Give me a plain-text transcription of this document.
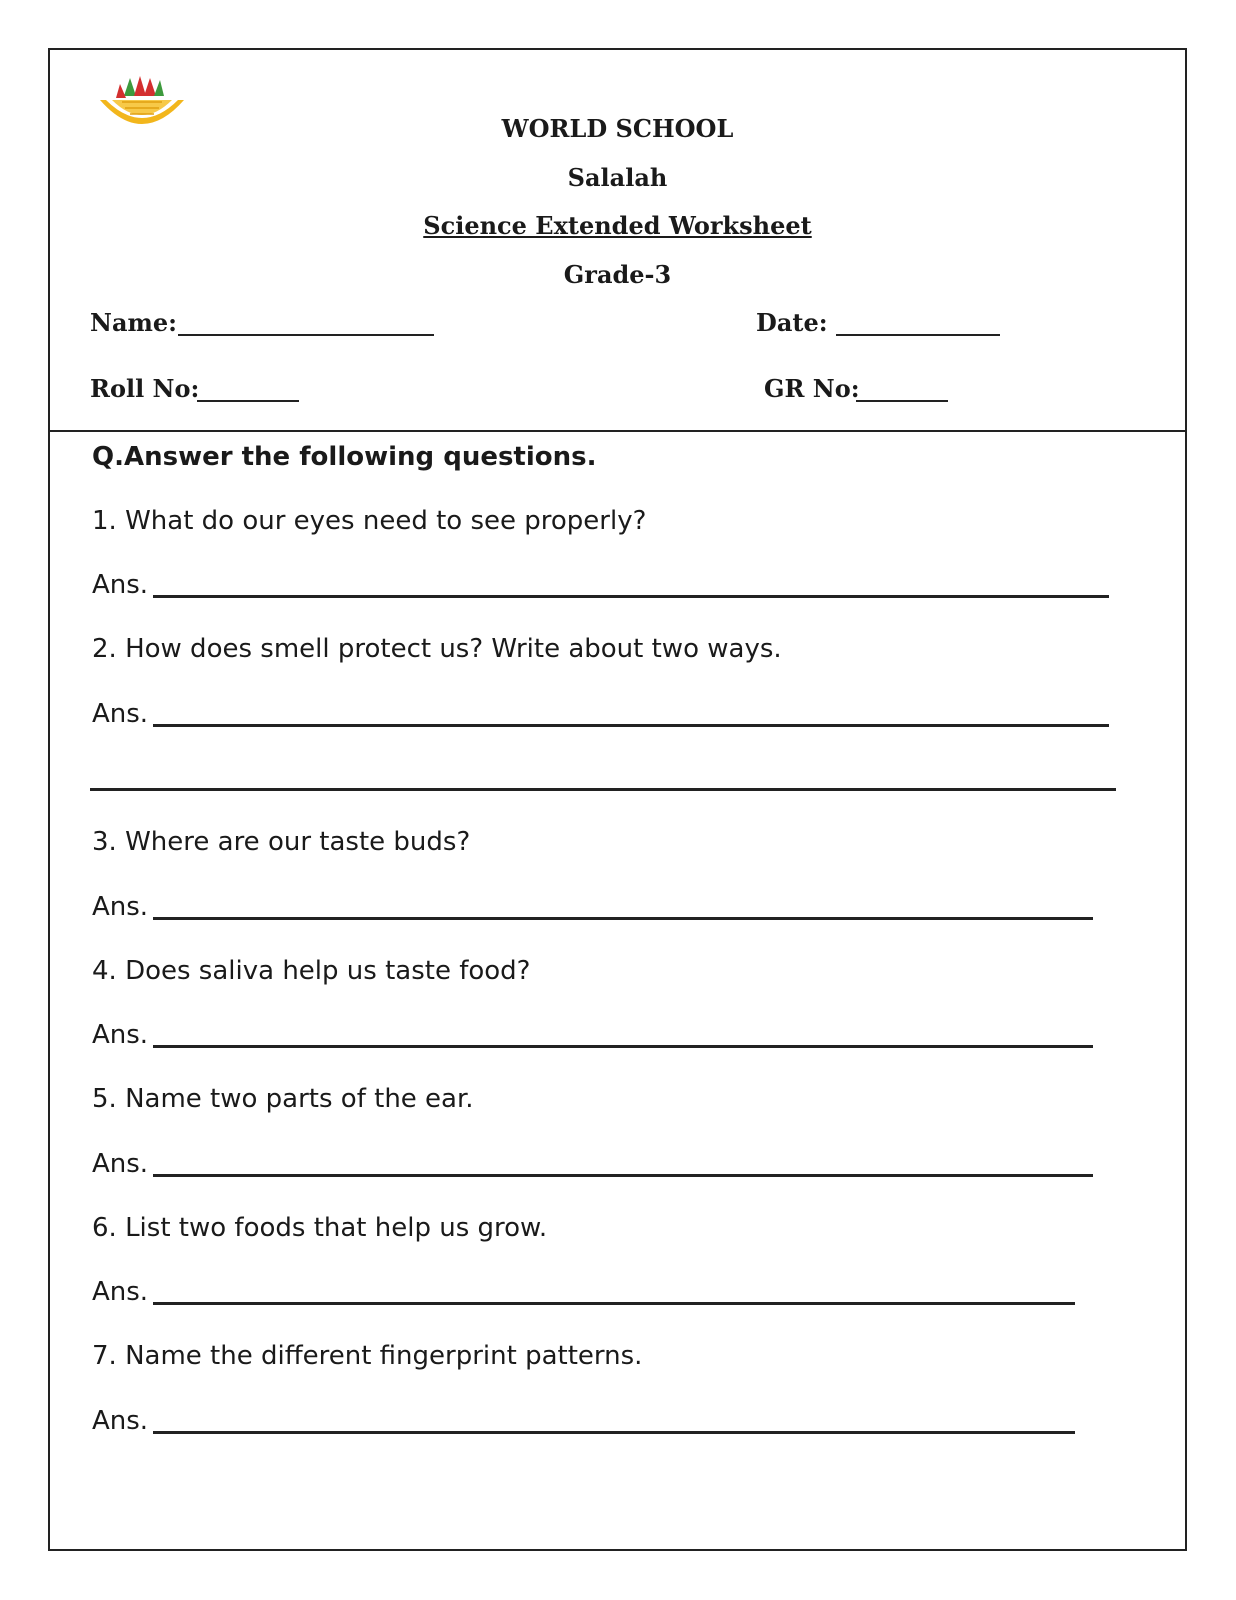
WORLD SCHOOL
Salalah
Science Extended Worksheet
Grade-3
Name:	Date:
Roll No:	GR No:
Q.Answer the following questions.
1. What do our eyes need to see properly?
Ans.
2. How does smell protect us? Write about two ways.
Ans.
3. Where are our taste buds?
Ans.
4. Does saliva help us taste food?
Ans.
5. Name two parts of the ear.
Ans.
6. List two foods that help us grow.
Ans.
7. Name the different fingerprint patterns.
Ans.
